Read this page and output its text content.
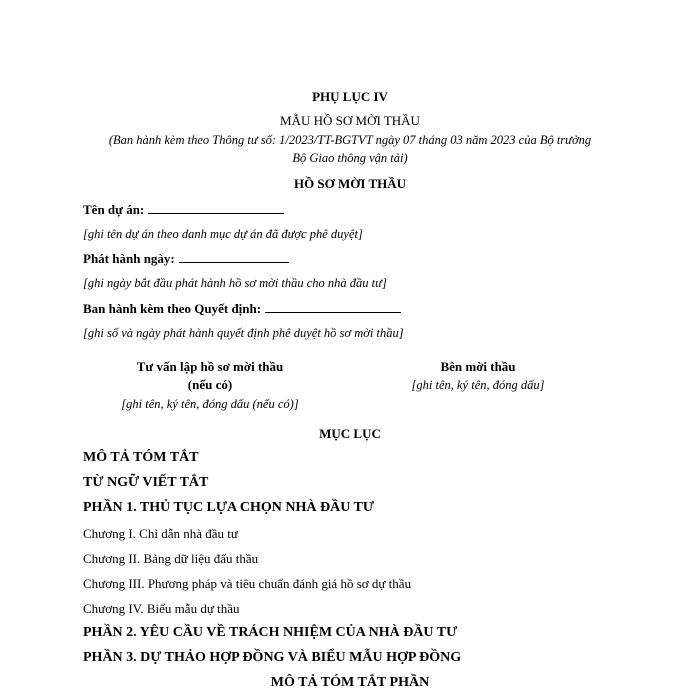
PHỤ LỤC IV
MẪU HỒ SƠ MỜI THẦU
(Ban hành kèm theo Thông tư số: 1/2023/TT-BGTVT ngày 07 tháng 03 năm 2023 của Bộ trưởng
Bộ Giao thông vận tải)
HỒ SƠ MỜI THẦU
Tên dự án:
[ghi tên dự án theo danh mục dự án đã được phê duyệt]
Phát hành ngày:
[ghi ngày bắt đầu phát hành hồ sơ mời thầu cho nhà đầu tư]
Ban hành kèm theo Quyết định:
[ghi số và ngày phát hành quyết định phê duyệt hồ sơ mời thầu]
Tư vấn lập hồ sơ mời thầu
(nếu có)
[ghi tên, ký tên, đóng dấu (nếu có)]
Bên mời thầu
[ghi tên, ký tên, đóng dấu]
MỤC LỤC
MÔ TẢ TÓM TẮT
TỪ NGỮ VIẾT TẮT
PHẦN 1. THỦ TỤC LỰA CHỌN NHÀ ĐẦU TƯ
Chương I. Chỉ dẫn nhà đầu tư
Chương II. Bảng dữ liệu đấu thầu
Chương III. Phương pháp và tiêu chuẩn đánh giá hồ sơ dự thầu
Chương IV. Biểu mẫu dự thầu
PHẦN 2. YÊU CẦU VỀ TRÁCH NHIỆM CỦA NHÀ ĐẦU TƯ
PHẦN 3. DỰ THẢO HỢP ĐỒNG VÀ BIỂU MẪU HỢP ĐỒNG
MÔ TẢ TÓM TẮT PHẦN
